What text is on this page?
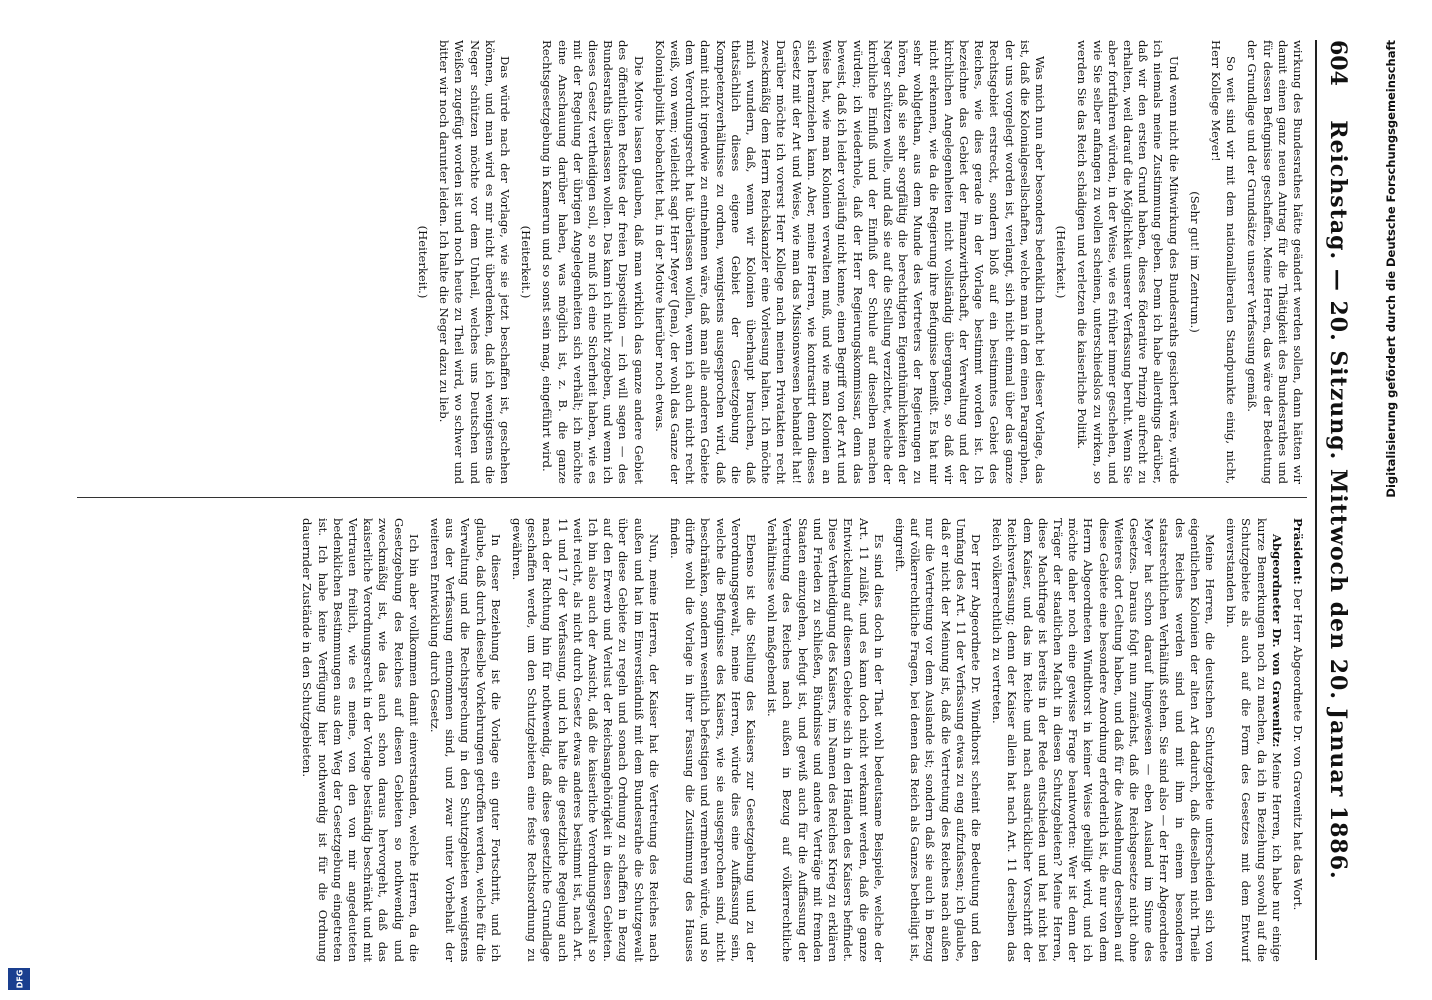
604
Reichstag. — 20. Sitzung. Mittwoch den 20. Januar 1886.

wirkung des Bundesrathes hätte geändert werden sollen, dann hätten wir damit einen ganz neuen Antrag für die Thätigkeit des Bundesrathes und für dessen Befugnisse geschaffen. Meine Herren, das wäre der Bedeutung der Grundlage und der Grundsätze unserer Verfassung gemäß.

So weit sind wir mit dem nationalliberalen Standpunkte einig, nicht, Herr Kollege Meyer!

(Sehr gut! im Zentrum.)

Und wenn nicht die Mitwirkung des Bundesraths gesichert wäre, würde ich niemals meine Zustimmung geben. Denn ich habe allerdings darüber, daß wir den ersten Grund haben, dieses föderative Prinzip aufrecht zu erhalten, weil darauf die Möglichkeit unserer Verfassung beruht. Wenn Sie aber fortfahren würden, in der Weise, wie es früher immer geschehen, und wie Sie selber anfangen zu wollen scheinen, unterschiedslos zu wirken, so werden Sie das Reich schädigen und verletzen die kaiserliche Politik.

(Heiterkeit.)

Was mich nun aber besonders bedenklich macht bei dieser Vorlage, das ist, daß die Kolonialgesellschaften, welche man in dem einen Paragraphen, der uns vorgelegt worden ist, verlangt, sich nicht einmal über das ganze Rechtsgebiet erstreckt, sondern bloß auf ein bestimmtes Gebiet des Reiches, wie dies gerade in der Vorlage bestimmt worden ist. Ich bezeichne das Gebiet der Finanzwirthschaft, der Verwaltung und der kirchlichen Angelegenheiten nicht vollständig übergangen, so daß wir nicht erkennen, wie da die Regierung ihre Befugnisse bemißt. Es hat mir sehr wohlgethan, aus dem Munde des Vertreters der Regierungen zu hören, daß sie sehr sorgfältig die berechtigten Eigenthümlichkeiten der Neger schützen wolle, und daß sie auf die Stellung verzichtet, welche der kirchliche Einfluß und der Einfluß der Schule auf dieselben machen würden; ich wiederhole, daß der Herr Regierungskommissar, denn das beweist, daß ich leider vorläufig nicht kenne, einen Begriff von der Art und Weise hat, wie man Kolonien verwalten muß, und wie man Kolonien an sich heranziehen kann. Aber, meine Herren, wie kontrastirt denn dieses Gesetz mit der Art und Weise, wie man das Missionswesen behandelt hat! Darüber möchte ich vorerst Herr Kollege nach meinen Privatakten recht zweckmäßig dem Herrn Reichskanzler eine Vorlesung halten. Ich möchte mich wundern, daß, wenn wir Kolonien überhaupt brauchen, daß thatsächlich dieses eigene Gebiet der Gesetzgebung die Kompetenzverhältnisse zu ordnen, wenigstens ausgesprochen wird, daß damit nicht irgendwie zu entnehmen wäre, daß man alle anderen Gebiete dem Verordnungsrecht hat überlassen wollen, wenn ich auch nicht recht weiß, von wem; vielleicht sagt Herr Meyer (Jena), der wohl das Ganze der Kolonialpolitik beobachtet hat, in der Motive hierüber noch etwas.

Die Motive lassen glauben, daß man wirklich das ganze andere Gebiet des öffentlichen Rechtes der freien Disposition — ich will sagen — des Bundesraths überlassen wollen. Das kann ich nicht zugeben, und wenn ich dieses Gesetz vertheidigen soll, so muß ich eine Sicherheit haben, wie es mit der Regelung der übrigen Angelegenheiten sich verhält; ich möchte eine Anschauung darüber haben, was möglich ist, z. B. die ganze Rechtsgesetzgebung in Kamerun und so sonst sein mag, eingeführt wird.

(Heiterkeit.)

Das würde nach der Vorlage, wie sie jetzt beschaffen ist, geschehen können, und man wird es mir nicht überdenken, daß ich wenigstens die Neger schützen möchte vor dem Unheil, welches uns Deutschen und Weißen zugefügt worden ist und noch heute zu Theil wird, wo schwer und bitter wir noch darunter leiden. Ich halte die Neger dazu zu lieb.

(Heiterkeit.)

Präsident: Der Herr Abgeordnete Dr. von Gravenitz hat das Wort.

Abgeordneter Dr. von Gravenitz: Meine Herren, ich habe nur einige kurze Bemerkungen noch zu machen, da ich in Beziehung sowohl auf die Schutzgebiete als auch auf die Form des Gesetzes mit dem Entwurf einverstanden bin.

Meine Herren, die deutschen Schutzgebiete unterscheiden sich von eigentlichen Kolonien der alten Art dadurch, daß dieselben nicht Theile des Reiches werden sind und mit ihm in einem besonderen staatsrechtlichen Verhältniß stehen. Sie sind also — der Herr Abgeordnete Meyer hat schon darauf hingewiesen — eben Ausland im Sinne des Gesetzes. Daraus folgt nun zunächst, daß die Reichsgesetze nicht ohne Weiteres dort Geltung haben, und daß für die Ausdehnung derselben auf diese Gebiete eine besondere Anordnung erforderlich ist, die nur von dem Herrn Abgeordneten Windthorst in keiner Weise gebilligt wird, und ich möchte daher noch eine gewisse Frage beantworten: Wer ist denn der Träger der staatlichen Macht in diesen Schutzgebieten? Meine Herren, diese Machtfrage ist bereits in der Rede entschieden und hat nicht bei dem Kaiser, und das im Reiche und nach ausdrücklicher Vorschrift der Reichsverfassung; denn der Kaiser allein hat nach Art. 11 derselben das Reich völkerrechtlich zu vertreten.

Der Herr Abgeordnete Dr. Windthorst scheint die Bedeutung und den Umfang des Art. 11 der Verfassung etwas zu eng aufzufassen; ich glaube, daß er nicht der Meinung ist, daß die Vertretung des Reiches nach außen nur die Vertretung vor dem Auslande ist; sondern daß sie auch in Bezug auf völkerrechtliche Fragen, bei denen das Reich als Ganzes betheiligt ist, eingreift.

Es sind dies doch in der That wohl bedeutsame Beispiele, welche der Art. 11 zuläßt, und es kann doch nicht verkannt werden, daß die ganze Entwickelung auf diesem Gebiete sich in den Händen des Kaisers befindet. Diese Vertheidigung des Kaisers, im Namen des Reiches Krieg zu erklären und Frieden zu schließen, Bündnisse und andere Verträge mit fremden Staaten einzugehen, befugt ist, und gewiß auch für die Auffassung der Vertretung des Reiches nach außen in Bezug auf völkerrechtliche Verhältnisse wohl maßgebend ist.

Ebenso ist die Stellung des Kaisers zur Gesetzgebung und zu der Verordnungsgewalt, meine Herren, würde dies eine Auffassung sein, welche die Befugnisse des Kaisers, wie sie ausgesprochen sind, nicht beschränken, sondern wesentlich befestigen und vermehren würde, und so dürfte wohl die Vorlage in ihrer Fassung die Zustimmung des Hauses finden.

Nun, meine Herren, der Kaiser hat die Vertretung des Reiches nach außen und hat im Einverständniß mit dem Bundesrathe die Schutzgewalt über diese Gebiete zu regeln und sonach Ordnung zu schaffen in Bezug auf den Erwerb und Verlust der Reichsangehörigkeit in diesen Gebieten. Ich bin also auch der Ansicht, daß die kaiserliche Verordnungsgewalt so weit reicht, als nicht durch Gesetz etwas anderes bestimmt ist, nach Art. 11 und 17 der Verfassung, und ich halte die gesetzliche Regelung auch nach der Richtung hin für nothwendig, daß diese gesetzliche Grundlage geschaffen werde, um den Schutzgebieten eine feste Rechtsordnung zu gewähren.

In dieser Beziehung ist die Vorlage ein guter Fortschritt, und ich glaube, daß durch dieselbe Vorkehrungen getroffen werden, welche für die Verwaltung und die Rechtsprechung in den Schutzgebieten wenigstens aus der Verfassung entnommen sind, und zwar unter Vorbehalt der weiteren Entwicklung durch Gesetz.

Ich bin aber vollkommen damit einverstanden, welche Herren, da die Gesetzgebung des Reiches auf diesen Gebieten so nothwendig und zweckmäßig ist, wie das auch schon daraus hervorgeht, daß das kaiserliche Verordnungsrecht in der Vorlage beständig beschränkt und mit Vertrauen freilich, wie es meine, von den von mir angedeuteten bedenklichen Bestimmungen aus dem Weg der Gesetzgebung eingetreten ist. Ich habe keine Verfügung hier nothwendig ist für die Ordnung dauernder Zustände in den Schutzgebieten.

Digitalisierung gefördert durch die Deutsche Forschungsgemeinschaft
DFG
